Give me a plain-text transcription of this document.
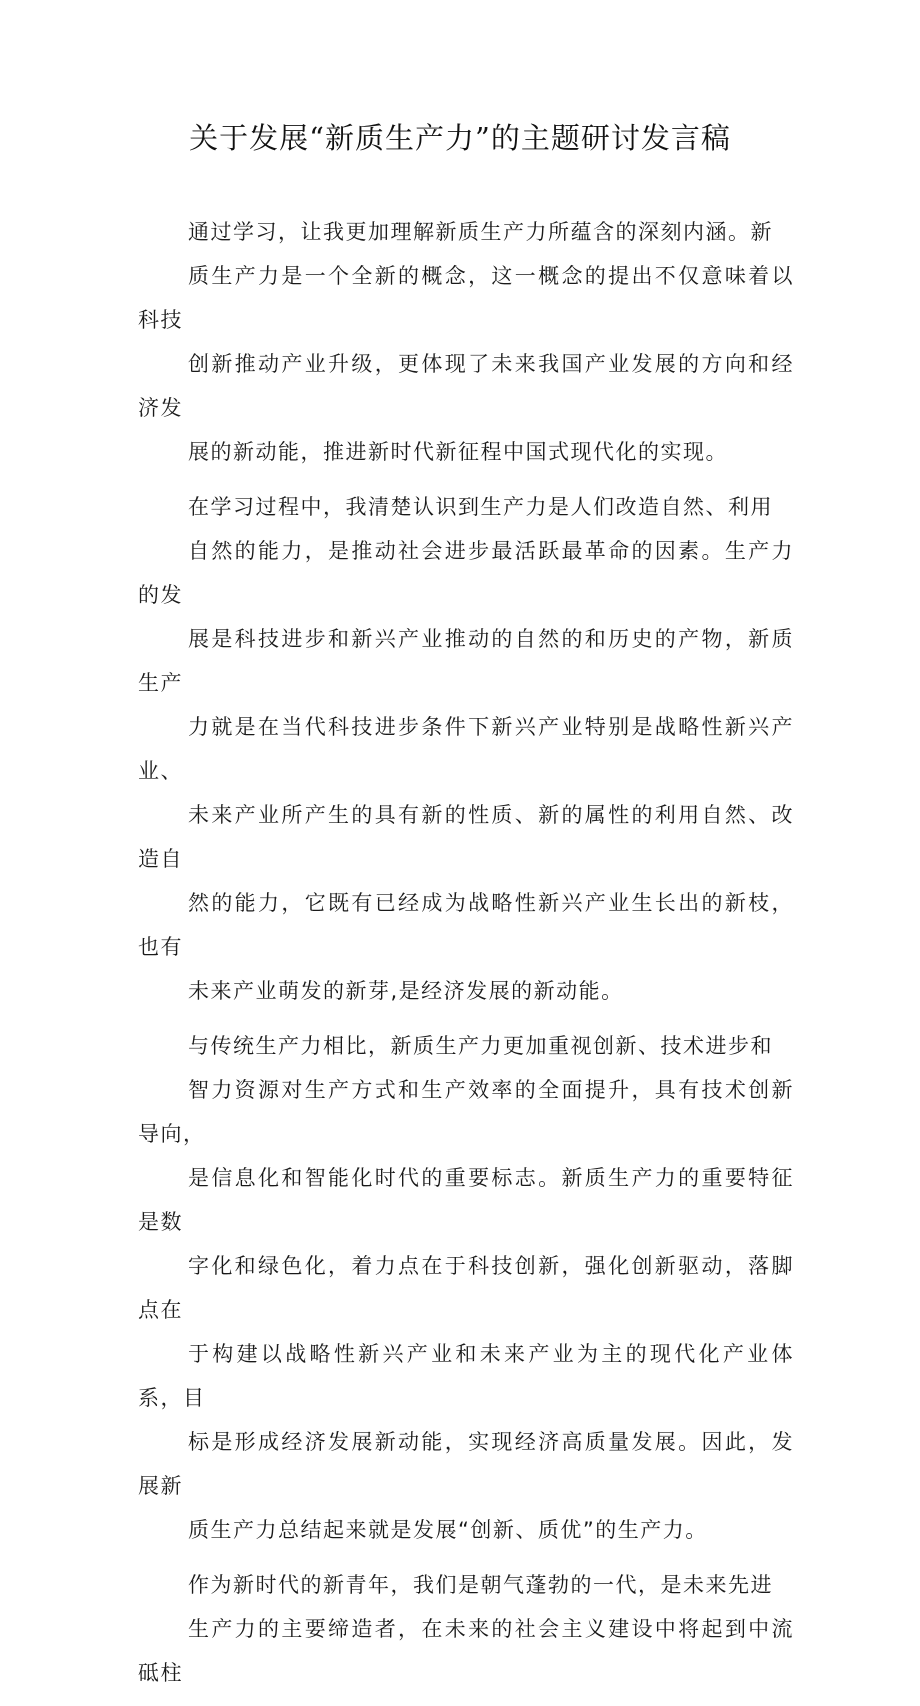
关于发展“新质生产力”的主题研讨发言稿

通过学习，让我更加理解新质生产力所蕴含的深刻内涵。新
质生产力是一个全新的概念，这一概念的提出不仅意味着以科技
创新推动产业升级，更体现了未来我国产业发展的方向和经济发
展的新动能，推进新时代新征程中国式现代化的实现。

在学习过程中，我清楚认识到生产力是人们改造自然、利用
自然的能力，是推动社会进步最活跃最革命的因素。生产力的发
展是科技进步和新兴产业推动的自然的和历史的产物，新质生产
力就是在当代科技进步条件下新兴产业特别是战略性新兴产业、
未来产业所产生的具有新的性质、新的属性的利用自然、改造自
然的能力，它既有已经成为战略性新兴产业生长出的新枝，也有
未来产业萌发的新芽,是经济发展的新动能。

与传统生产力相比，新质生产力更加重视创新、技术进步和
智力资源对生产方式和生产效率的全面提升，具有技术创新导向，
是信息化和智能化时代的重要标志。新质生产力的重要特征是数
字化和绿色化，着力点在于科技创新，强化创新驱动，落脚点在
于构建以战略性新兴产业和未来产业为主的现代化产业体系，目
标是形成经济发展新动能，实现经济高质量发展。因此，发展新
质生产力总结起来就是发展“创新、质优”的生产力。

作为新时代的新青年，我们是朝气蓬勃的一代，是未来先进
生产力的主要缔造者，在未来的社会主义建设中将起到中流砥柱
